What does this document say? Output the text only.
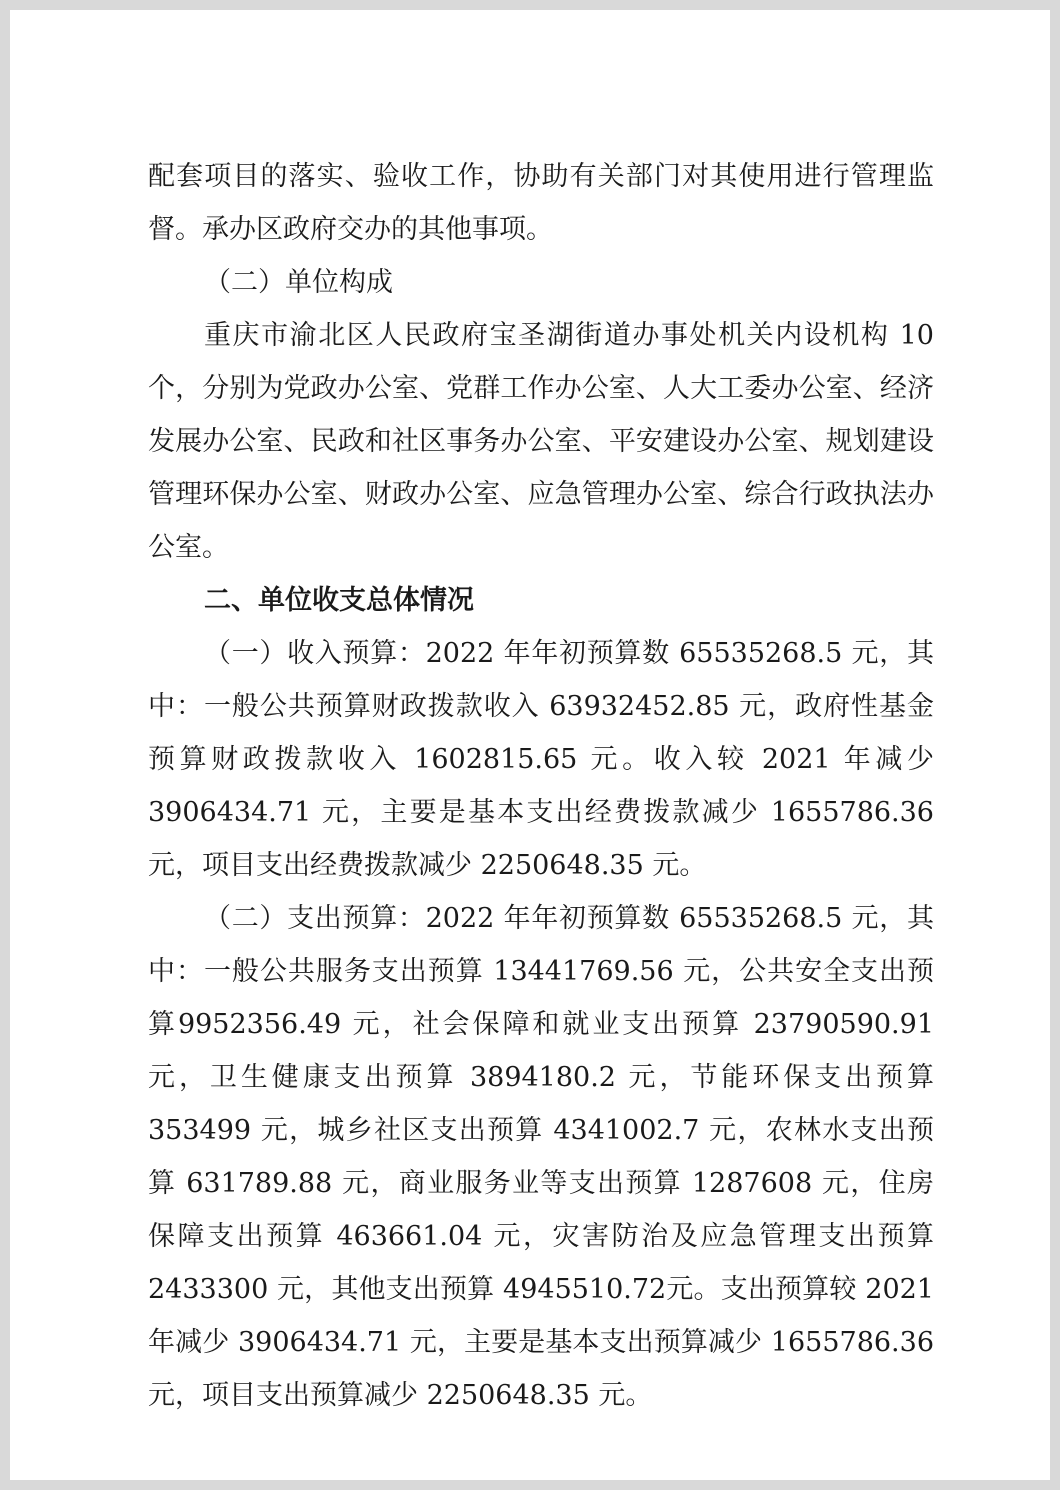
配套项目的落实、验收工作，协助有关部门对其使用进行管理监督。承办区政府交办的其他事项。

（二）单位构成

重庆市渝北区人民政府宝圣湖街道办事处机关内设机构 10个，分别为党政办公室、党群工作办公室、人大工委办公室、经济发展办公室、民政和社区事务办公室、平安建设办公室、规划建设管理环保办公室、财政办公室、应急管理办公室、综合行政执法办公室。

二、单位收支总体情况

（一）收入预算：2022 年年初预算数 65535268.5 元，其中：一般公共预算财政拨款收入 63932452.85 元，政府性基金预算财政拨款收入 1602815.65 元。收入较 2021 年减少 3906434.71 元，主要是基本支出经费拨款减少 1655786.36 元，项目支出经费拨款减少 2250648.35 元。

（二）支出预算：2022 年年初预算数 65535268.5 元，其中：一般公共服务支出预算 13441769.56 元，公共安全支出预算9952356.49 元，社会保障和就业支出预算 23790590.91 元，卫生健康支出预算 3894180.2 元，节能环保支出预算 353499 元，城乡社区支出预算 4341002.7 元，农林水支出预算 631789.88 元，商业服务业等支出预算 1287608 元，住房保障支出预算 463661.04 元，灾害防治及应急管理支出预算 2433300 元，其他支出预算 4945510.72元。支出预算较 2021 年减少 3906434.71 元，主要是基本支出预算减少 1655786.36 元，项目支出预算减少 2250648.35 元。
